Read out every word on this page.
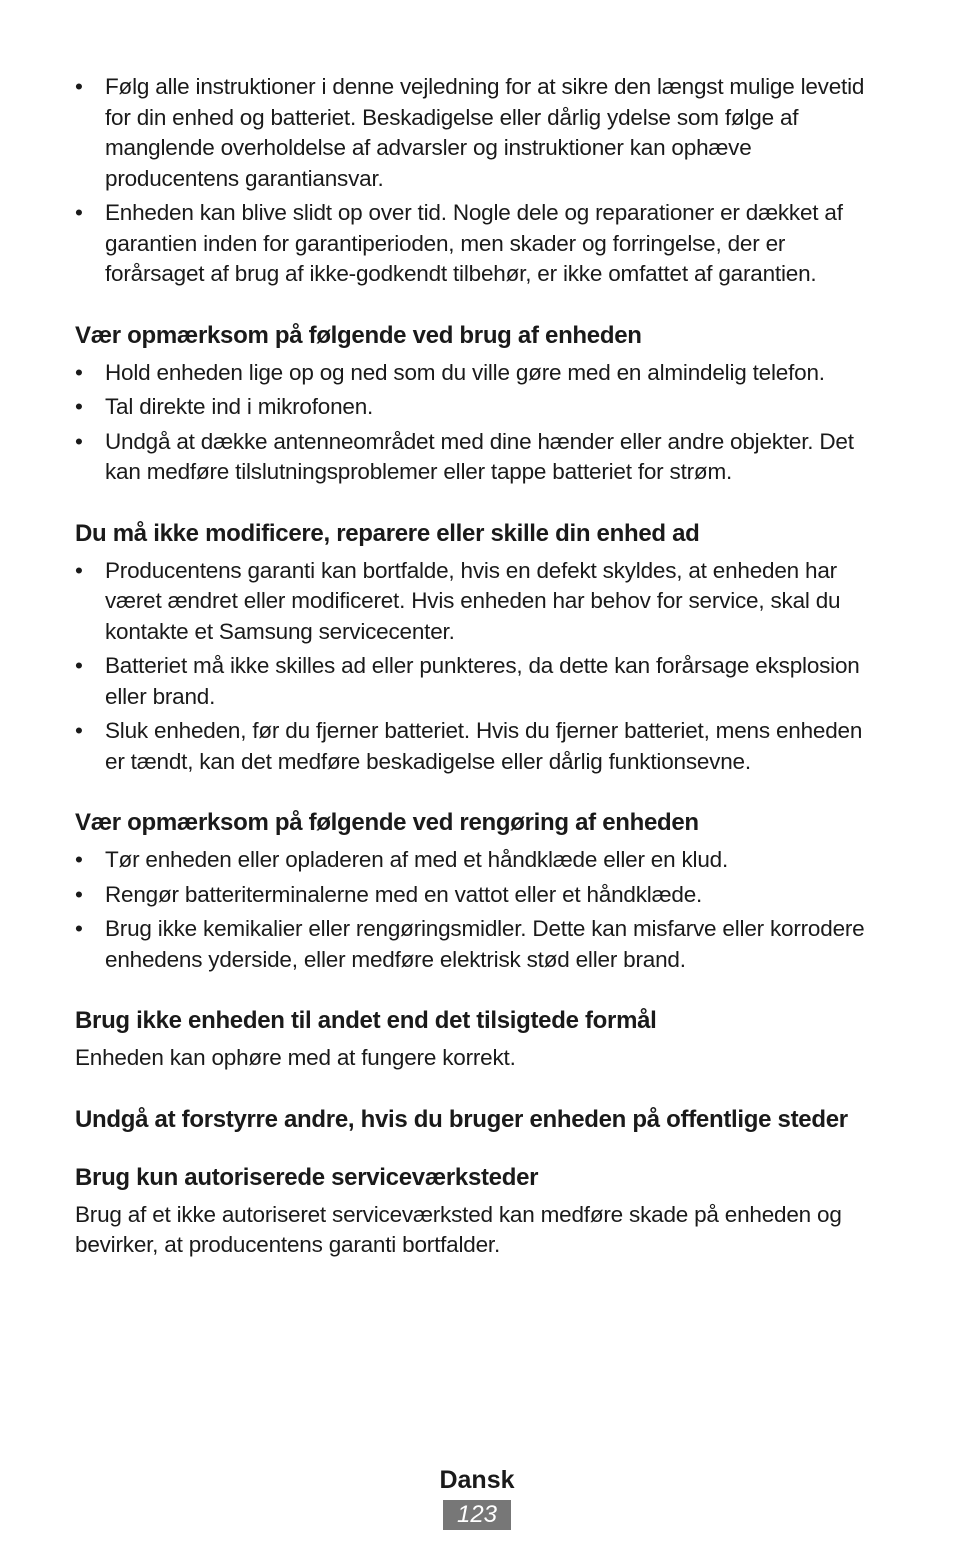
• Følg alle instruktioner i denne vejledning for at sikre den længst mulige levetid for din enhed og batteriet. Beskadigelse eller dårlig ydelse som følge af manglende overholdelse af advarsler og instruktioner kan ophæve producentens garantiansvar.
• Enheden kan blive slidt op over tid. Nogle dele og reparationer er dækket af garantien inden for garantiperioden, men skader og forringelse, der er forårsaget af brug af ikke-godkendt tilbehør, er ikke omfattet af garantien.
Vær opmærksom på følgende ved brug af enheden
• Hold enheden lige op og ned som du ville gøre med en almindelig telefon.
• Tal direkte ind i mikrofonen.
• Undgå at dække antenneområdet med dine hænder eller andre objekter. Det kan medføre tilslutningsproblemer eller tappe batteriet for strøm.
Du må ikke modificere, reparere eller skille din enhed ad
• Producentens garanti kan bortfalde, hvis en defekt skyldes, at enheden har været ændret eller modificeret. Hvis enheden har behov for service, skal du kontakte et Samsung servicecenter.
• Batteriet må ikke skilles ad eller punkteres, da dette kan forårsage eksplosion eller brand.
• Sluk enheden, før du fjerner batteriet. Hvis du fjerner batteriet, mens enheden er tændt, kan det medføre beskadigelse eller dårlig funktionsevne.
Vær opmærksom på følgende ved rengøring af enheden
• Tør enheden eller opladeren af med et håndklæde eller en klud.
• Rengør batteriterminalerne med en vattot eller et håndklæde.
• Brug ikke kemikalier eller rengøringsmidler. Dette kan misfarve eller korrodere enhedens yderside, eller medføre elektrisk stød eller brand.
Brug ikke enheden til andet end det tilsigtede formål

Enheden kan ophøre med at fungere korrekt.

Undgå at forstyrre andre, hvis du bruger enheden på offentlige steder
Brug kun autoriserede serviceværksteder

Brug af et ikke autoriseret serviceværksted kan medføre skade på enheden og bevirker, at producentens garanti bortfalder.

Dansk
123
